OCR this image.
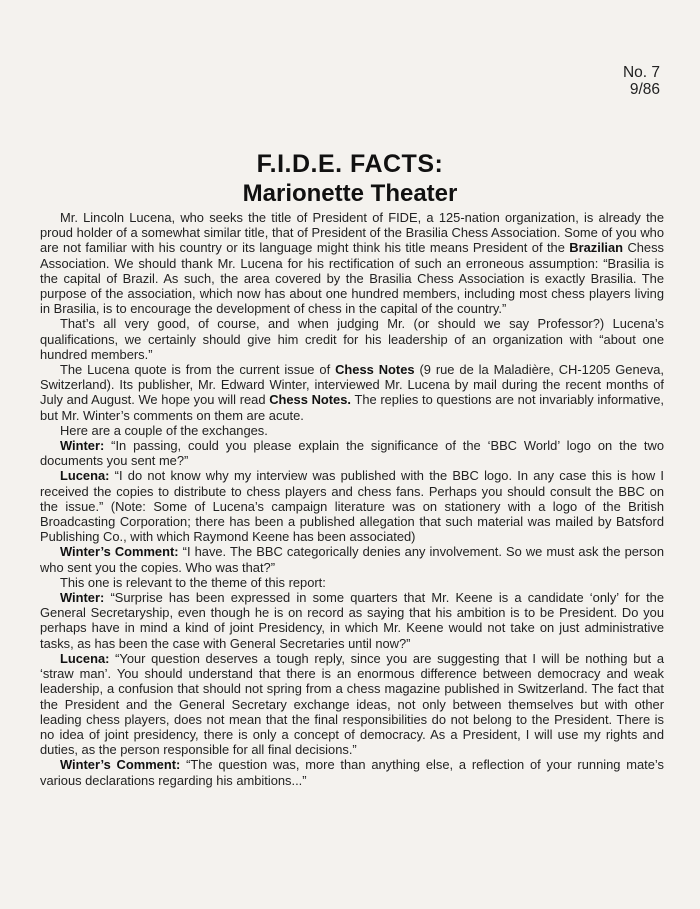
No. 7
9/86
F.I.D.E. FACTS:
Marionette Theater

Mr. Lincoln Lucena, who seeks the title of President of FIDE, a 125-nation organization, is already the proud holder of a somewhat similar title, that of President of the Brasilia Chess Association. Some of you who are not familiar with his country or its language might think his title means President of the Brazilian Chess Association. We should thank Mr. Lucena for his rectification of such an erroneous assumption: “Brasilia is the capital of Brazil. As such, the area covered by the Brasilia Chess Association is exactly Brasilia. The purpose of the association, which now has about one hundred members, including most chess players living in Brasilia, is to encourage the development of chess in the capital of the country.”

That’s all very good, of course, and when judging Mr. (or should we say Professor?) Lucena’s qualifications, we certainly should give him credit for his leadership of an organization with “about one hundred members.”

The Lucena quote is from the current issue of Chess Notes (9 rue de la Maladière, CH-1205 Geneva, Switzerland). Its publisher, Mr. Edward Winter, interviewed Mr. Lucena by mail during the recent months of July and August. We hope you will read Chess Notes. The replies to questions are not invariably informative, but Mr. Winter’s comments on them are acute.

Here are a couple of the exchanges.

Winter: “In passing, could you please explain the significance of the ‘BBC World’ logo on the two documents you sent me?”

Lucena: “I do not know why my interview was published with the BBC logo. In any case this is how I received the copies to distribute to chess players and chess fans. Perhaps you should consult the BBC on the issue.” (Note: Some of Lucena’s campaign literature was on stationery with a logo of the British Broadcasting Corporation; there has been a published allegation that such material was mailed by Batsford Publishing Co., with which Raymond Keene has been associated)

Winter’s Comment: “I have. The BBC categorically denies any involvement. So we must ask the person who sent you the copies. Who was that?”

This one is relevant to the theme of this report:

Winter: “Surprise has been expressed in some quarters that Mr. Keene is a candidate ‘only’ for the General Secretaryship, even though he is on record as saying that his ambition is to be President. Do you perhaps have in mind a kind of joint Presidency, in which Mr. Keene would not take on just administrative tasks, as has been the case with General Secretaries until now?”

Lucena: “Your question deserves a tough reply, since you are suggesting that I will be nothing but a ‘straw man’. You should understand that there is an enormous difference between democracy and weak leadership, a confusion that should not spring from a chess magazine published in Switzerland. The fact that the President and the General Secretary exchange ideas, not only between themselves but with other leading chess players, does not mean that the final responsibilities do not belong to the President. There is no idea of joint presidency, there is only a concept of democracy. As a President, I will use my rights and duties, as the person responsible for all final decisions.”

Winter’s Comment: “The question was, more than anything else, a reflection of your running mate’s various declarations regarding his ambitions...”
